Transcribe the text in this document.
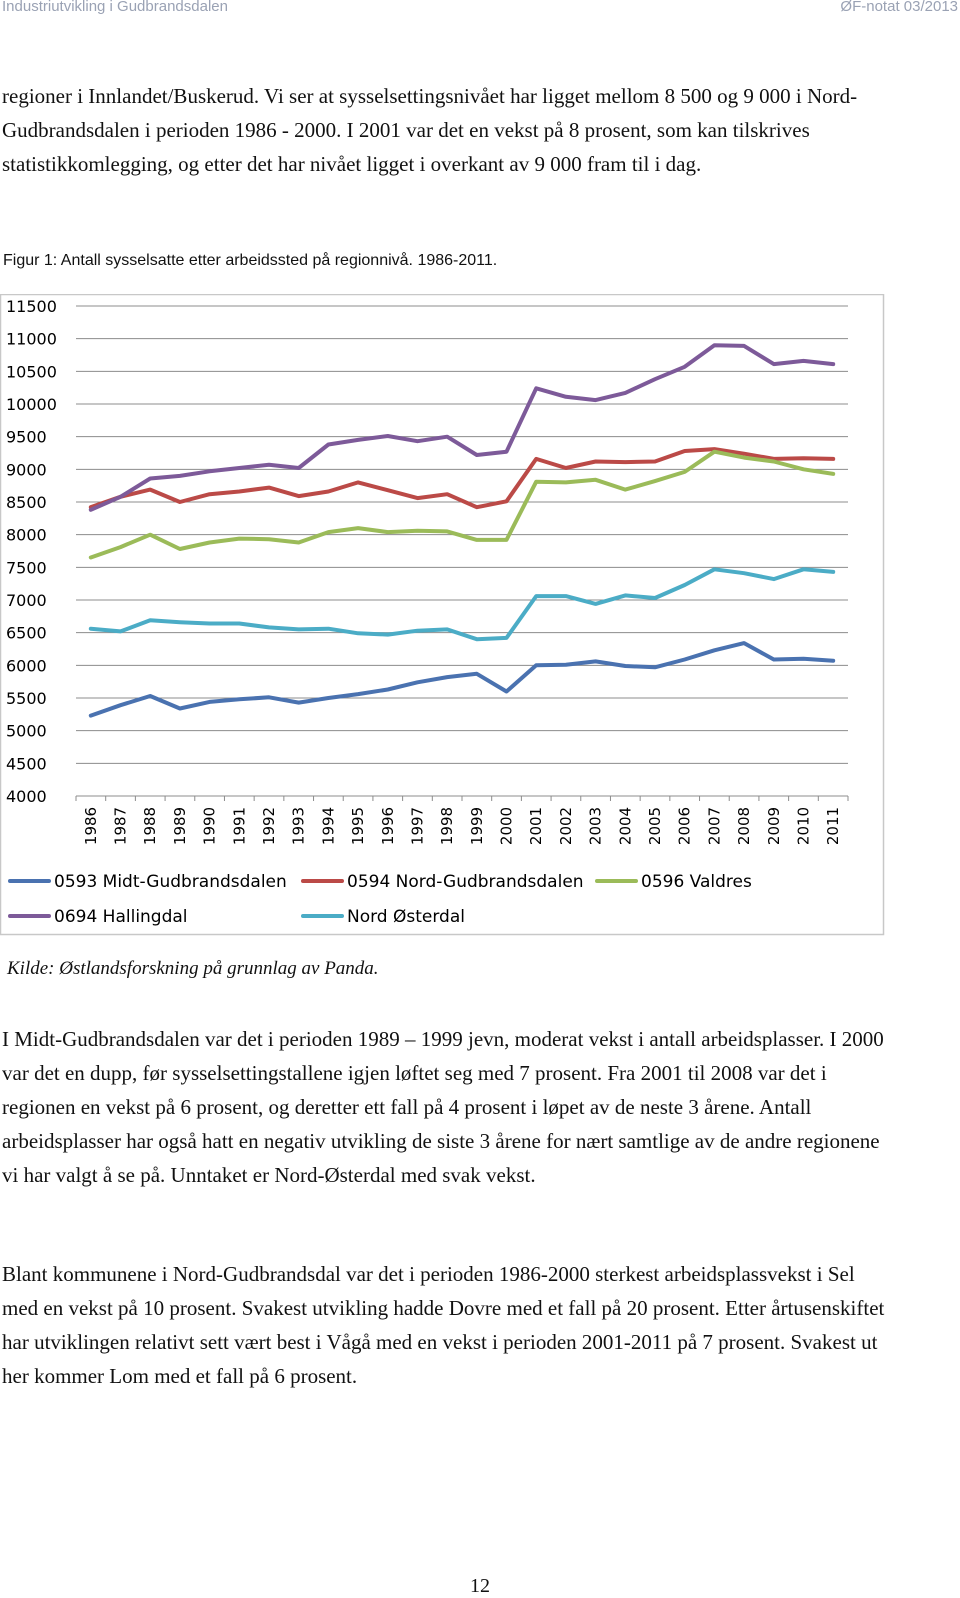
Industriutvikling i Gudbrandsdalen	ØF-notat 03/2013

regioner i Innlandet/Buskerud. Vi ser at sysselsettingsnivået har ligget mellom 8 500 og 9 000 i Nord- Gudbrandsdalen i perioden 1986 - 2000. I 2001 var det en vekst på 8 prosent, som kan tilskrives statistikkomlegging, og etter det har nivået ligget i overkant av 9 000 fram til i dag.

Figur 1: Antall sysselsatte etter arbeidssted på regionnivå. 1986-2011.
11500
11000
10500
10000
9500
9000
8500
8000
7500
7000
6500
6000
5500
5000
4500
4000
1986 1987 1988 1989 1990 1991 1992 1993 1994 1995 1996 1997 1998 1999 2000 2001 2002 2003 2004 2005 2006 2007 2008 2009 2010 2011
0593 Midt-Gudbrandsdalen	0594 Nord-Gudbrandsdalen	0596 Valdres
0694 Hallingdal	Nord Østerdal
Kilde: Østlandsforskning på grunnlag av Panda.

I Midt-Gudbrandsdalen var det i perioden 1989 – 1999 jevn, moderat vekst i antall arbeidsplasser. I 2000 var det en dupp, før sysselsettingstallene igjen løftet seg med 7 prosent. Fra 2001 til 2008 var det i regionen en vekst på 6 prosent, og deretter ett fall på 4 prosent i løpet av de neste 3 årene. Antall arbeidsplasser har også hatt en negativ utvikling de siste 3 årene for nært samtlige av de andre regionene vi har valgt å se på. Unntaket er Nord-Østerdal med svak vekst.

Blant kommunene i Nord-Gudbrandsdal var det i perioden 1986-2000 sterkest arbeidsplassvekst i Sel med en vekst på 10 prosent. Svakest utvikling hadde Dovre med et fall på 20 prosent. Etter årtusenskiftet har utviklingen relativt sett vært best i Vågå med en vekst i perioden 2001-2011 på 7 prosent. Svakest ut her kommer Lom med et fall på 6 prosent.

12
